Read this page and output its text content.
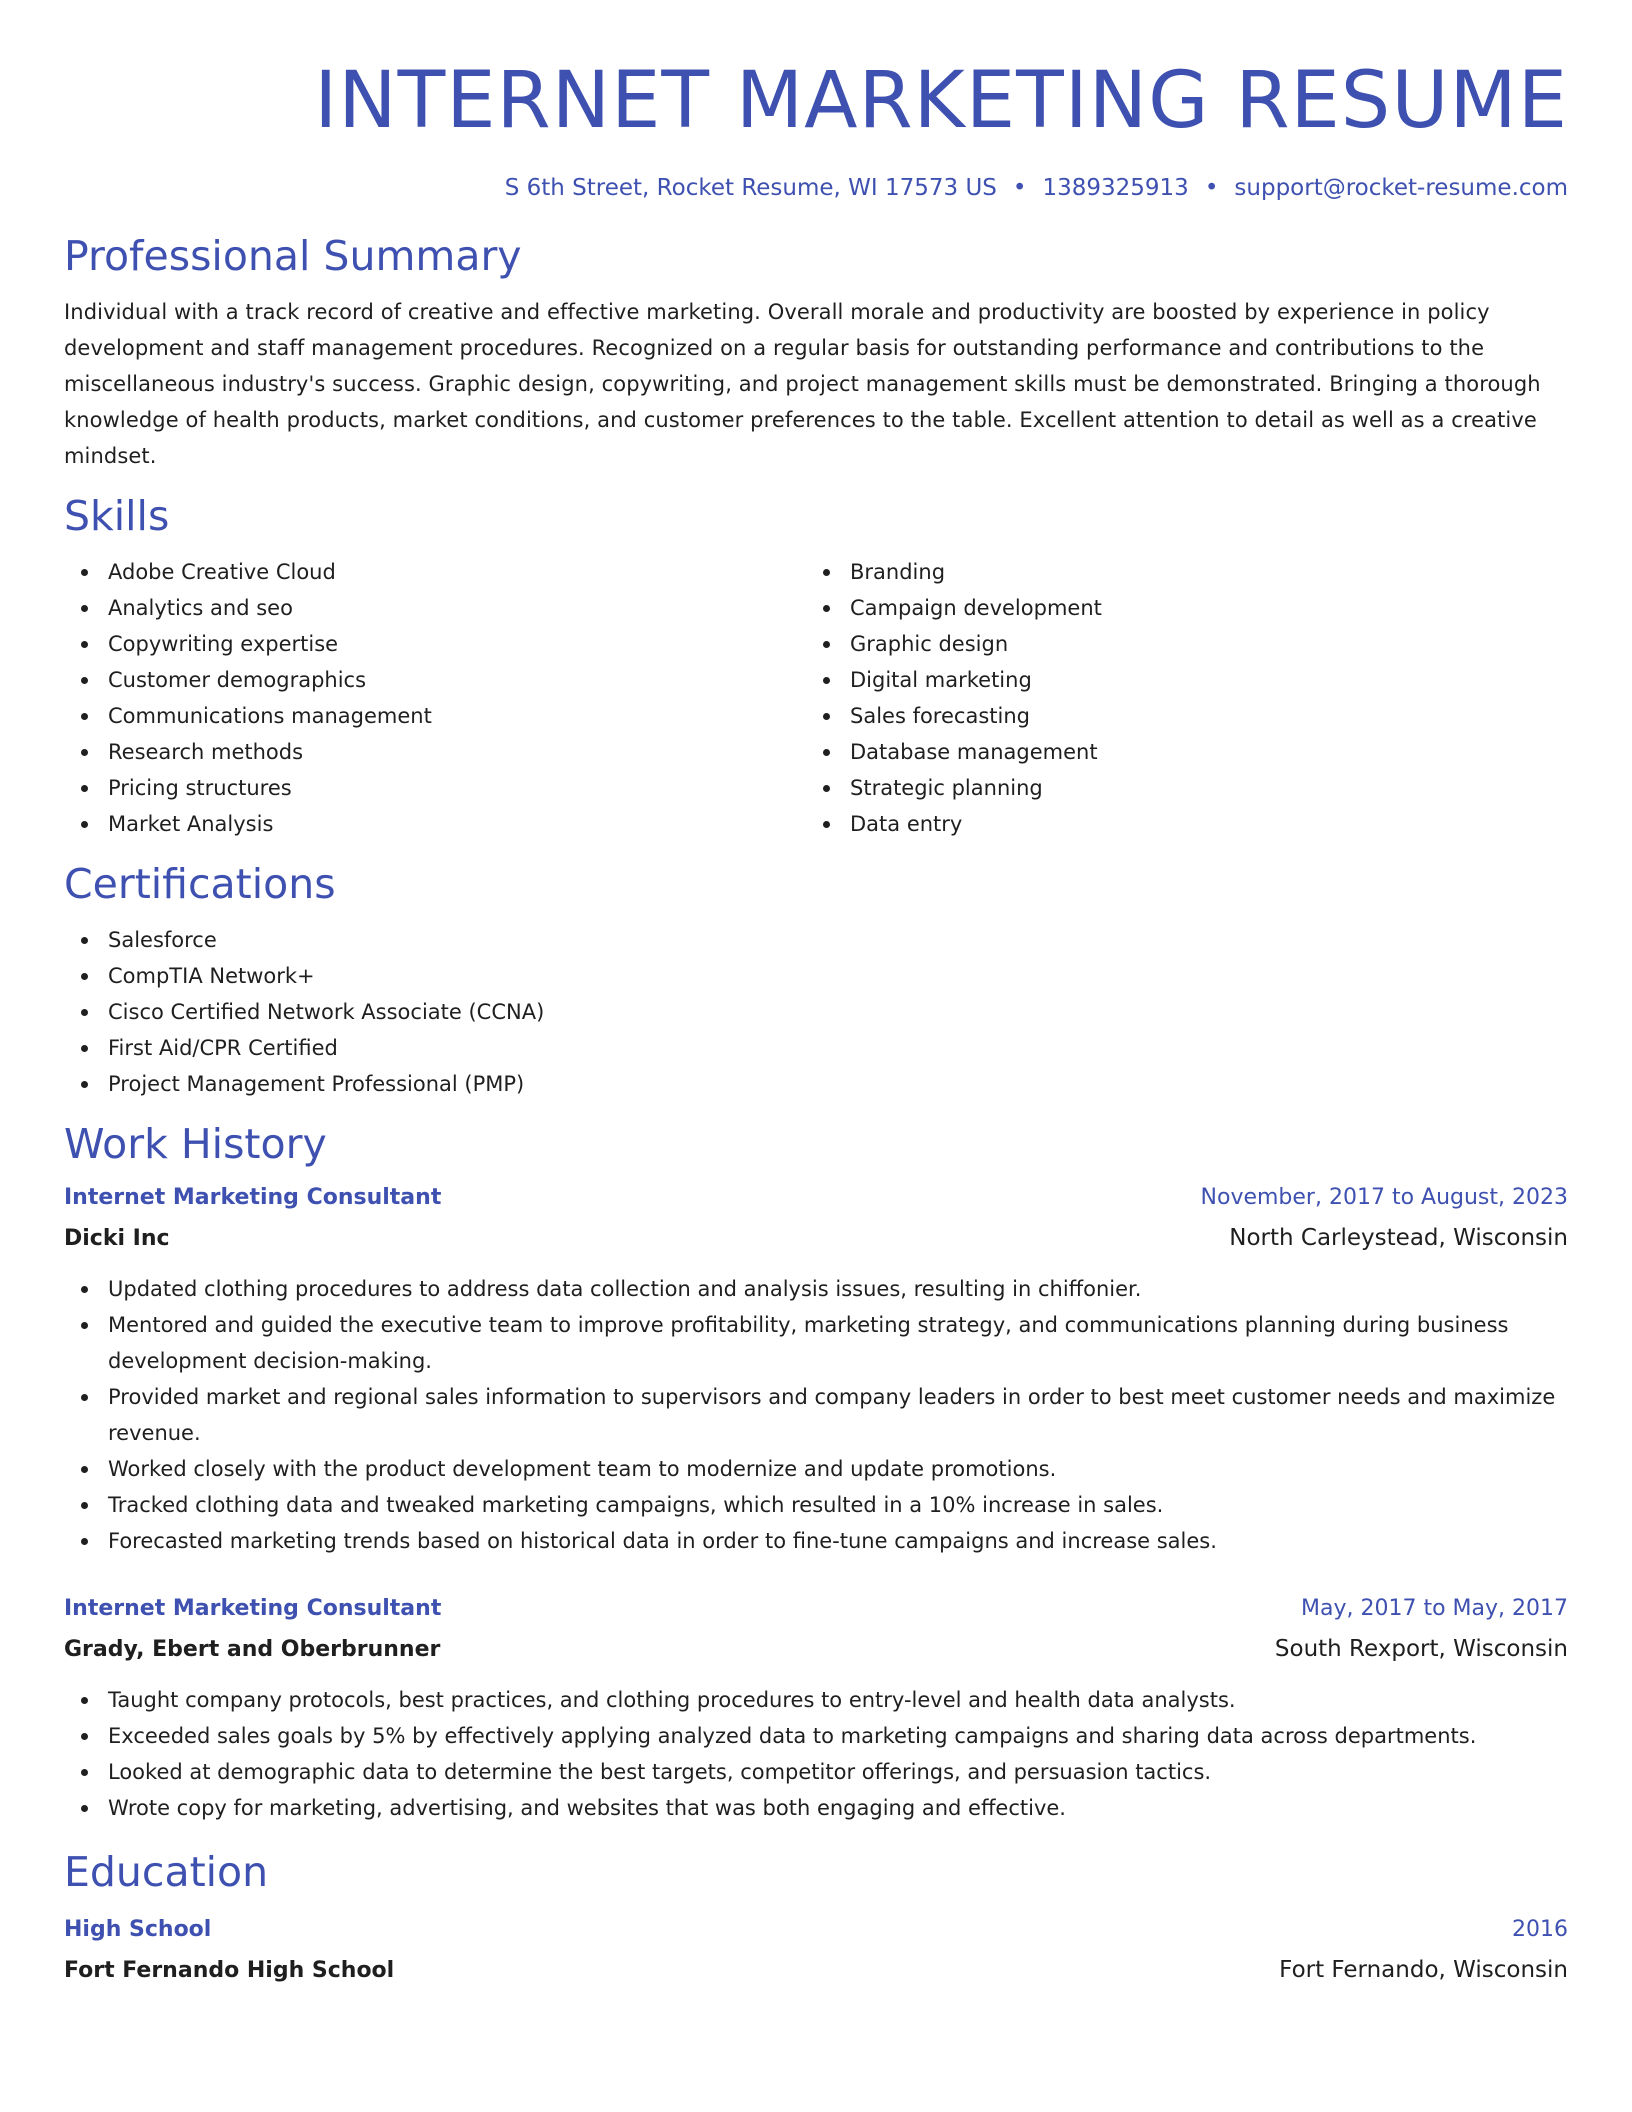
INTERNET MARKETING RESUME
S 6th Street, Rocket Resume, WI 17573 US • 1389325913 • support@rocket-resume.com
Professional Summary

Individual with a track record of creative and effective marketing. Overall morale and productivity are boosted by experience in policy development and staff management procedures. Recognized on a regular basis for outstanding performance and contributions to the miscellaneous industry's success. Graphic design, copywriting, and project management skills must be demonstrated. Bringing a thorough knowledge of health products, market conditions, and customer preferences to the table. Excellent attention to detail as well as a creative mindset.

Skills
Adobe Creative Cloud
Analytics and seo
Copywriting expertise
Customer demographics
Communications management
Research methods
Pricing structures
Market Analysis
Branding
Campaign development
Graphic design
Digital marketing
Sales forecasting
Database management
Strategic planning
Data entry
Certifications
Salesforce
CompTIA Network+
Cisco Certified Network Associate (CCNA)
First Aid/CPR Certified
Project Management Professional (PMP)
Work History
Internet Marketing Consultant	November, 2017 to August, 2023
Dicki Inc	North Carleystead, Wisconsin
Updated clothing procedures to address data collection and analysis issues, resulting in chiffonier.
Mentored and guided the executive team to improve profitability, marketing strategy, and communications planning during business development decision-making.
Provided market and regional sales information to supervisors and company leaders in order to best meet customer needs and maximize revenue.
Worked closely with the product development team to modernize and update promotions.
Tracked clothing data and tweaked marketing campaigns, which resulted in a 10% increase in sales.
Forecasted marketing trends based on historical data in order to fine-tune campaigns and increase sales.
Internet Marketing Consultant	May, 2017 to May, 2017
Grady, Ebert and Oberbrunner	South Rexport, Wisconsin
Taught company protocols, best practices, and clothing procedures to entry-level and health data analysts.
Exceeded sales goals by 5% by effectively applying analyzed data to marketing campaigns and sharing data across departments.
Looked at demographic data to determine the best targets, competitor offerings, and persuasion tactics.
Wrote copy for marketing, advertising, and websites that was both engaging and effective.
Education
High School	2016
Fort Fernando High School	Fort Fernando, Wisconsin
